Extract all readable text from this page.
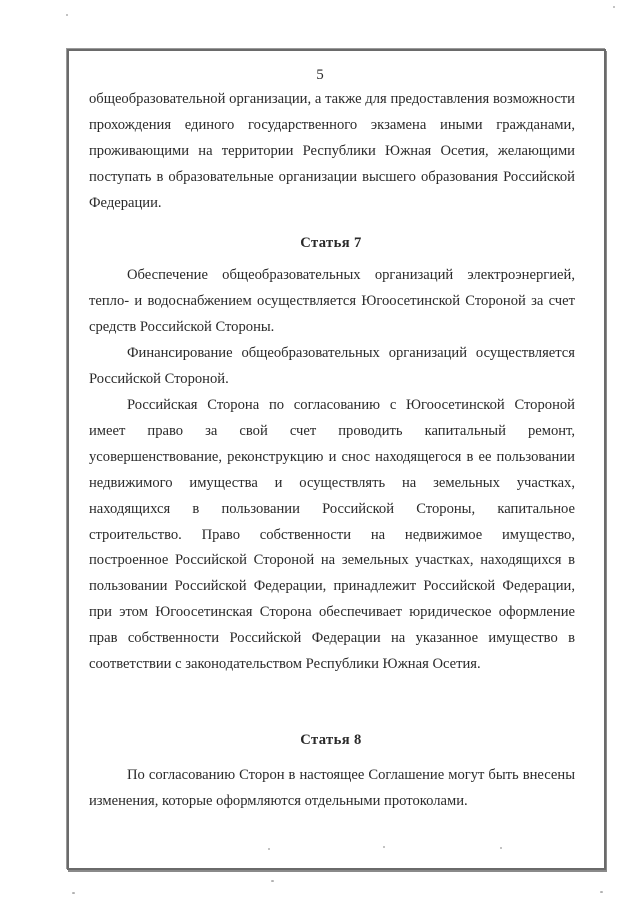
5

общеобразовательной организации, а также для предоставления возможности прохождения единого государственного экзамена иными гражданами, проживающими на территории Республики Южная Осетия, желающими поступать в образовательные организации высшего образования Российской Федерации.

Статья 7

Обеспечение общеобразовательных организаций электроэнергией, тепло- и водоснабжением осуществляется Югоосетинской Стороной за счет средств Российской Стороны.

Финансирование общеобразовательных организаций осуществляется Российской Стороной.

Российская Сторона по согласованию с Югоосетинской Стороной имеет право за свой счет проводить капитальный ремонт, усовершенствование, реконструкцию и снос находящегося в ее пользовании недвижимого имущества и осуществлять на земельных участках, находящихся в пользовании Российской Стороны, капитальное строительство. Право собственности на недвижимое имущество, построенное Российской Стороной на земельных участках, находящихся в пользовании Российской Федерации, принадлежит Российской Федерации, при этом Югоосетинская Сторона обеспечивает юридическое оформление прав собственности Российской Федерации на указанное имущество в соответствии с законодательством Республики Южная Осетия.

Статья 8

По согласованию Сторон в настоящее Соглашение могут быть внесены изменения, которые оформляются отдельными протоколами.
